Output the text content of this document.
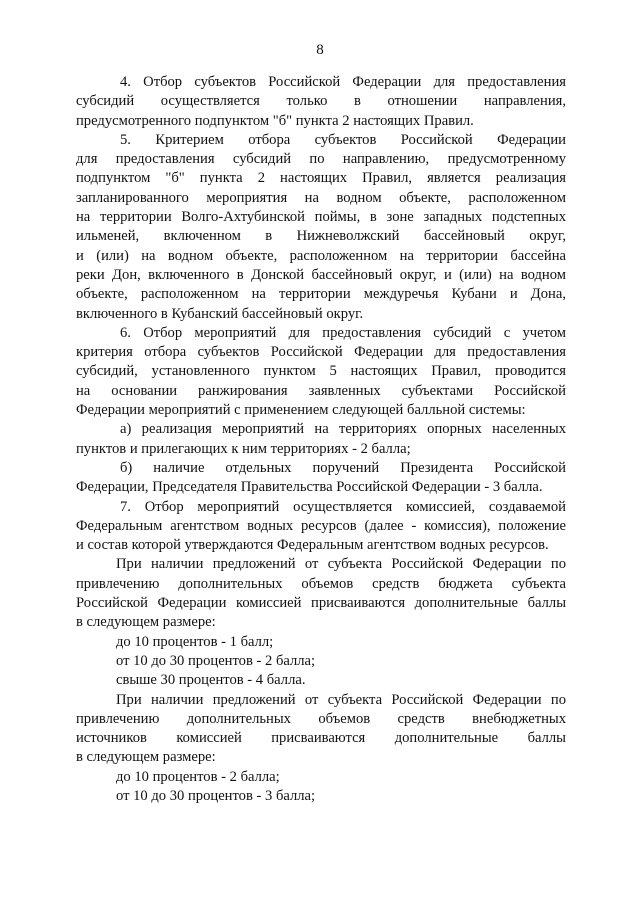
8
4. Отбор субъектов Российской Федерации для предоставления
субсидий осуществляется только в отношении направления,
предусмотренного подпунктом "б" пункта 2 настоящих Правил.
5. Критерием отбора субъектов Российской Федерации
для предоставления субсидий по направлению, предусмотренному
подпунктом "б" пункта 2 настоящих Правил, является реализация
запланированного мероприятия на водном объекте, расположенном
на территории Волго-Ахтубинской поймы, в зоне западных подстепных
ильменей, включенном в Нижневолжский бассейновый округ,
и (или) на водном объекте, расположенном на территории бассейна
реки Дон, включенного в Донской бассейновый округ, и (или) на водном
объекте, расположенном на территории междуречья Кубани и Дона,
включенного в Кубанский бассейновый округ.
6. Отбор мероприятий для предоставления субсидий с учетом
критерия отбора субъектов Российской Федерации для предоставления
субсидий, установленного пунктом 5 настоящих Правил, проводится
на основании ранжирования заявленных субъектами Российской
Федерации мероприятий с применением следующей балльной системы:
а) реализация мероприятий на территориях опорных населенных
пунктов и прилегающих к ним территориях - 2 балла;
б) наличие отдельных поручений Президента Российской
Федерации, Председателя Правительства Российской Федерации - 3 балла.
7. Отбор мероприятий осуществляется комиссией, создаваемой
Федеральным агентством водных ресурсов (далее - комиссия), положение
и состав которой утверждаются Федеральным агентством водных ресурсов.
При наличии предложений от субъекта Российской Федерации по
привлечению дополнительных объемов средств бюджета субъекта
Российской Федерации комиссией присваиваются дополнительные баллы
в следующем размере:
до 10 процентов - 1 балл;
от 10 до 30 процентов - 2 балла;
свыше 30 процентов - 4 балла.
При наличии предложений от субъекта Российской Федерации по
привлечению дополнительных объемов средств внебюджетных
источников комиссией присваиваются дополнительные баллы
в следующем размере:
до 10 процентов - 2 балла;
от 10 до 30 процентов - 3 балла;
